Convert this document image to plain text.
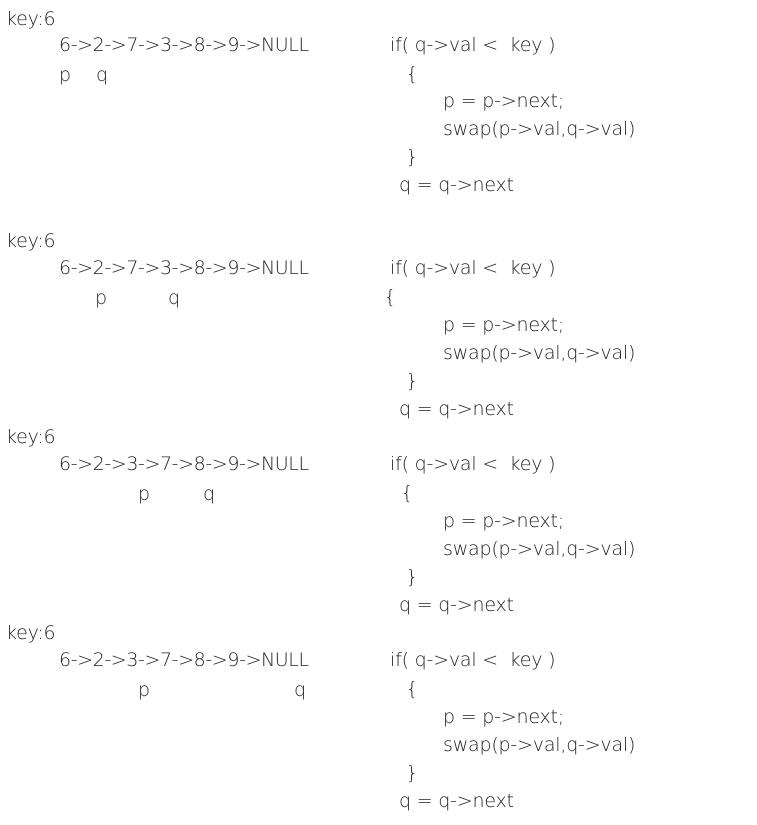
key:6
6->2->7->3->8->9->NULL
p q
if( q->val <  key )
{
p = p->next;
swap(p->val,q->val)
}
q = q->next
key:6
6->2->7->3->8->9->NULL
p	q
if( q->val <  key )
{
p = p->next;
swap(p->val,q->val)
}
q = q->next
key:6
6->2->3->7->8->9->NULL
p	q
if( q->val <  key )
{
p = p->next;
swap(p->val,q->val)
}
q = q->next
key:6
6->2->3->7->8->9->NULL
p	q
if( q->val <  key )
{
p = p->next;
swap(p->val,q->val)
}
q = q->next
